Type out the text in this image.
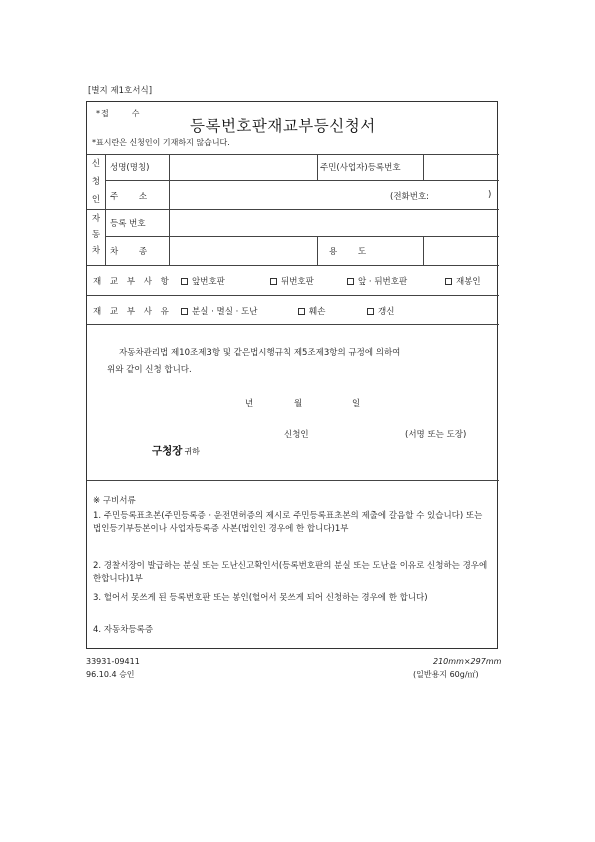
[별지 제1호서식]
*접	수
등록번호판재교부등신청서
*표시란은 신청인이 기재하지 않습니다.
신
청
인
성명(명칭)	주민(사업자)등록번호
주 소	(전화번호:	)
자
동
차
등록 번호
차 종	용 도
재 교 부 사 항	앞번호판	뒤번호판	앞 · 뒤번호판	재봉인
재 교 부 사 유	분실 · 멸실 · 도난	훼손	갱신
자동차관리법 제10조제3항 및 같은법시행규칙 제5조제3항의 규정에 의하여
위와 같이 신청 합니다.
년	월	일
신청인	(서명 또는 도장)
구청장 귀하
※ 구비서류
1. 주민등록표초본(주민등록증 · 운전면허증의 제시로 주민등록표초본의 제출에 갈음할 수 있습니다) 또는 법인등기부등본이나 사업자등록증 사본(법인인 경우에 한 합니다)1부
2. 경찰서장이 발급하는 분실 또는 도난신고확인서(등록번호판의 분실 또는 도난을 이유로 신청하는 경우에 한합니다)1부
3. 헐어서 못쓰게 된 등록번호판 또는 봉인(헐어서 못쓰게 되어 신청하는 경우에 한 합니다)
4. 자동차등록증
33931-09411
96.10.4 승인
210mm×297mm
(일반용지 60g/㎡)
